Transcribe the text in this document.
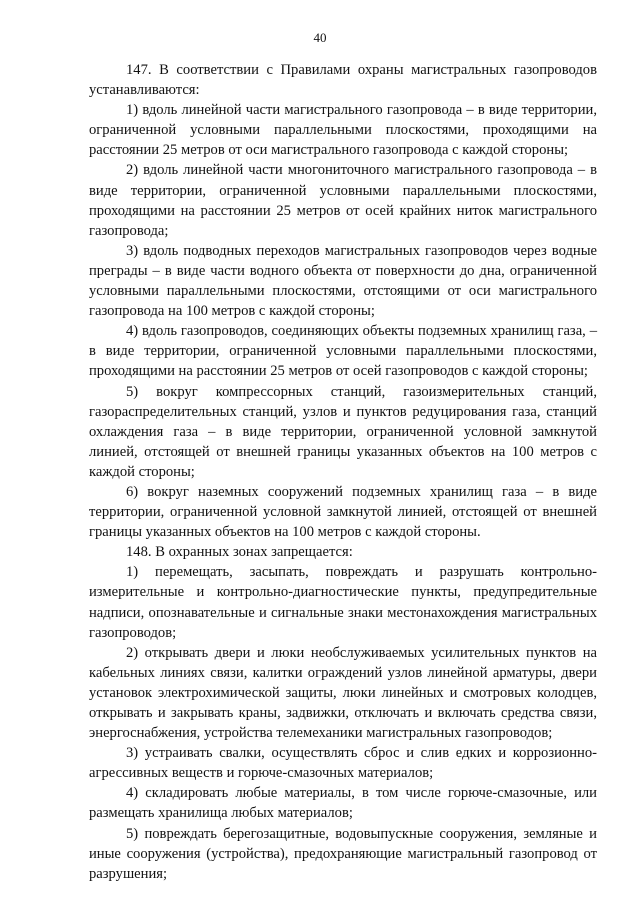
40

147. В соответствии с Правилами охраны магистральных газопроводов устанавливаются:

1) вдоль линейной части магистрального газопровода – в виде территории, ограниченной условными параллельными плоскостями, проходящими на расстоянии 25 метров от оси магистрального газопровода с каждой стороны;

2) вдоль линейной части многониточного магистрального газопровода – в виде территории, ограниченной условными параллельными плоскостями, проходящими на расстоянии 25 метров от осей крайних ниток магистрального газопровода;

3) вдоль подводных переходов магистральных газопроводов через водные преграды – в виде части водного объекта от поверхности до дна, ограниченной условными параллельными плоскостями, отстоящими от оси магистрального газопровода на 100 метров с каждой стороны;

4) вдоль газопроводов, соединяющих объекты подземных хранилищ газа, – в виде территории, ограниченной условными параллельными плоскостями, проходящими на расстоянии 25 метров от осей газопроводов с каждой стороны;

5) вокруг компрессорных станций, газоизмерительных станций, газораспределительных станций, узлов и пунктов редуцирования газа, станций охлаждения газа – в виде территории, ограниченной условной замкнутой линией, отстоящей от внешней границы указанных объектов на 100 метров с каждой стороны;

6) вокруг наземных сооружений подземных хранилищ газа – в виде территории, ограниченной условной замкнутой линией, отстоящей от внешней границы указанных объектов на 100 метров с каждой стороны.

148. В охранных зонах запрещается:

1) перемещать, засыпать, повреждать и разрушать контрольно-измерительные и контрольно-диагностические пункты, предупредительные надписи, опознавательные и сигнальные знаки местонахождения магистральных газопроводов;

2) открывать двери и люки необслуживаемых усилительных пунктов на кабельных линиях связи, калитки ограждений узлов линейной арматуры, двери установок электрохимической защиты, люки линейных и смотровых колодцев, открывать и закрывать краны, задвижки, отключать и включать средства связи, энергоснабжения, устройства телемеханики магистральных газопроводов;

3) устраивать свалки, осуществлять сброс и слив едких и коррозионно-агрессивных веществ и горюче-смазочных материалов;

4) складировать любые материалы, в том числе горюче-смазочные, или размещать хранилища любых материалов;

5) повреждать берегозащитные, водовыпускные сооружения, земляные и иные сооружения (устройства), предохраняющие магистральный газопровод от разрушения;
